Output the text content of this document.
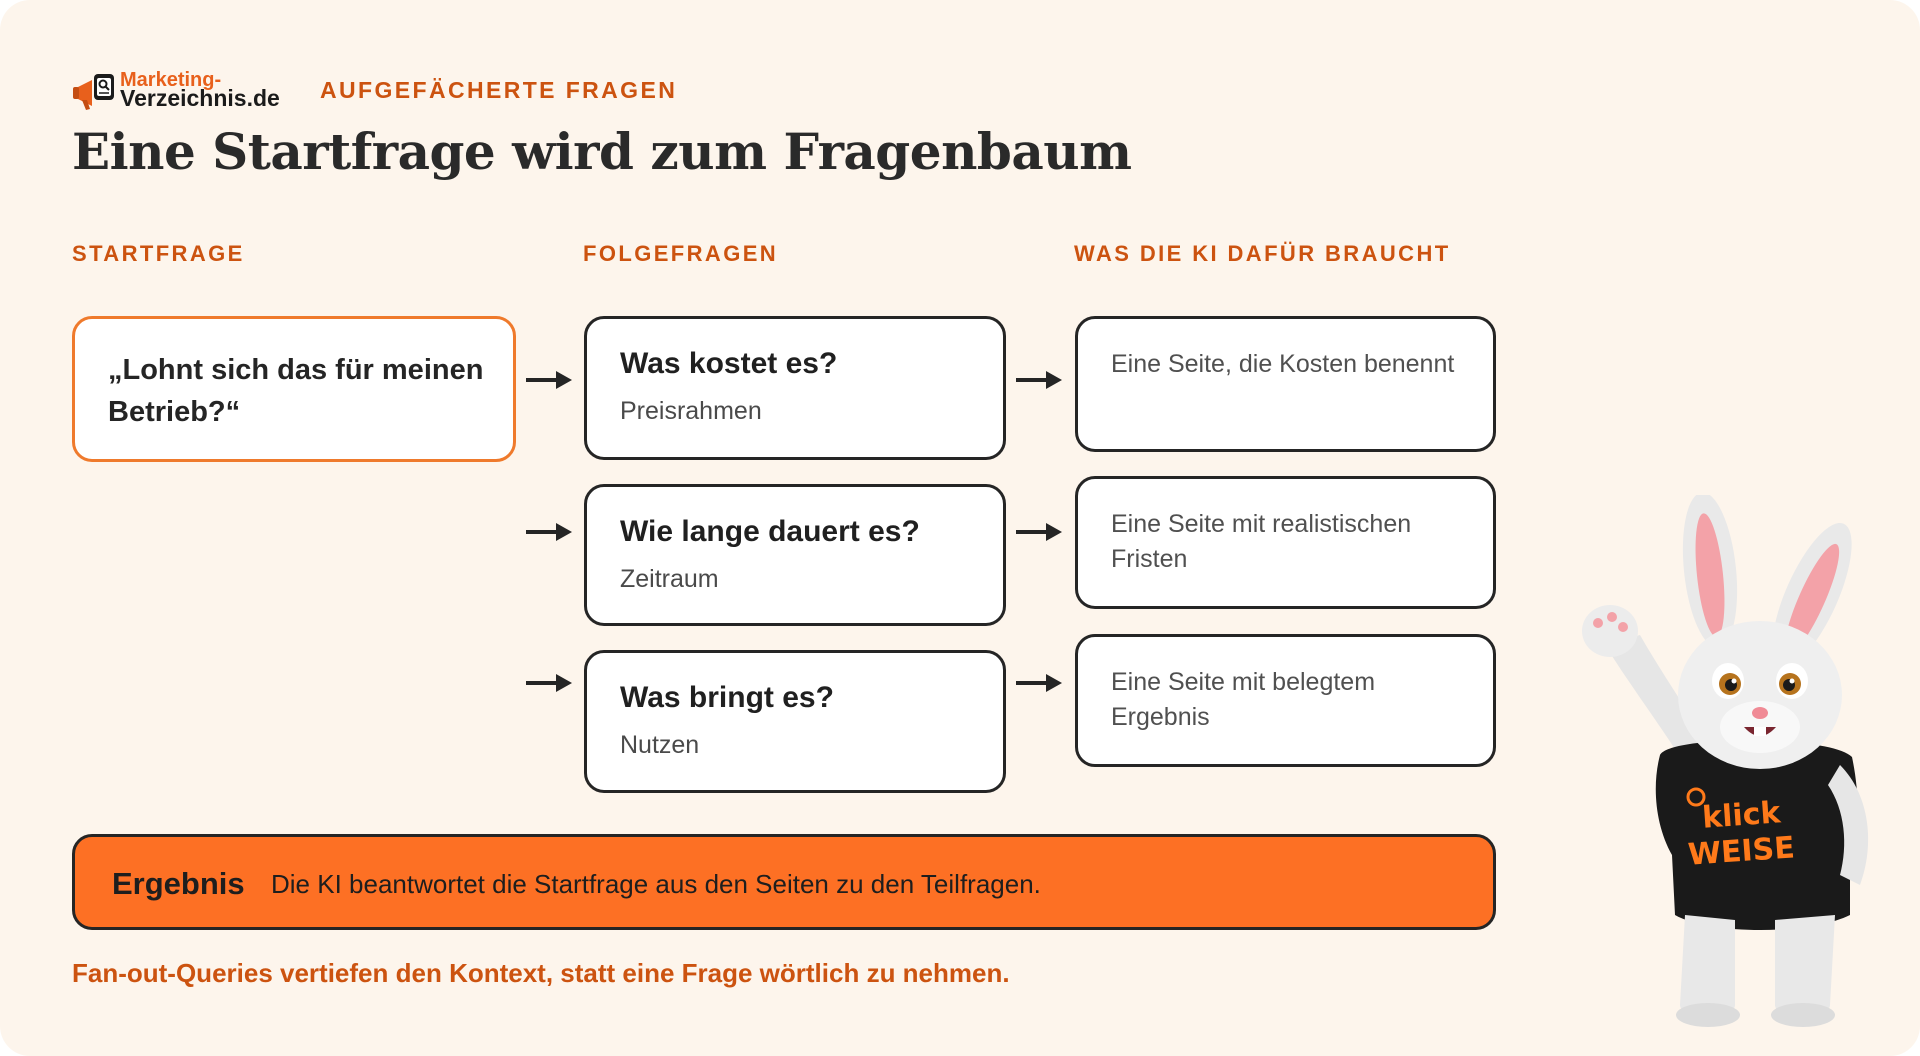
Marketing-
Verzeichnis.de AUFGEFÄCHERTE FRAGEN
Eine Startfrage wird zum Fragenbaum
STARTFRAGE	FOLGEFRAGEN	WAS DIE KI DAFÜR BRAUCHT
„Lohnt sich das für meinen Betrieb?“
Was kostet es?
Preisrahmen
Wie lange dauert es?
Zeitraum
Was bringt es?
Nutzen
Eine Seite, die Kosten benennt
Eine Seite mit realistischen Fristen
Eine Seite mit belegtem Ergebnis
Ergebnis Die KI beantwortet die Startfrage aus den Seiten zu den Teilfragen.
Fan-out-Queries vertiefen den Kontext, statt eine Frage wörtlich zu nehmen.
klick
WEISE
